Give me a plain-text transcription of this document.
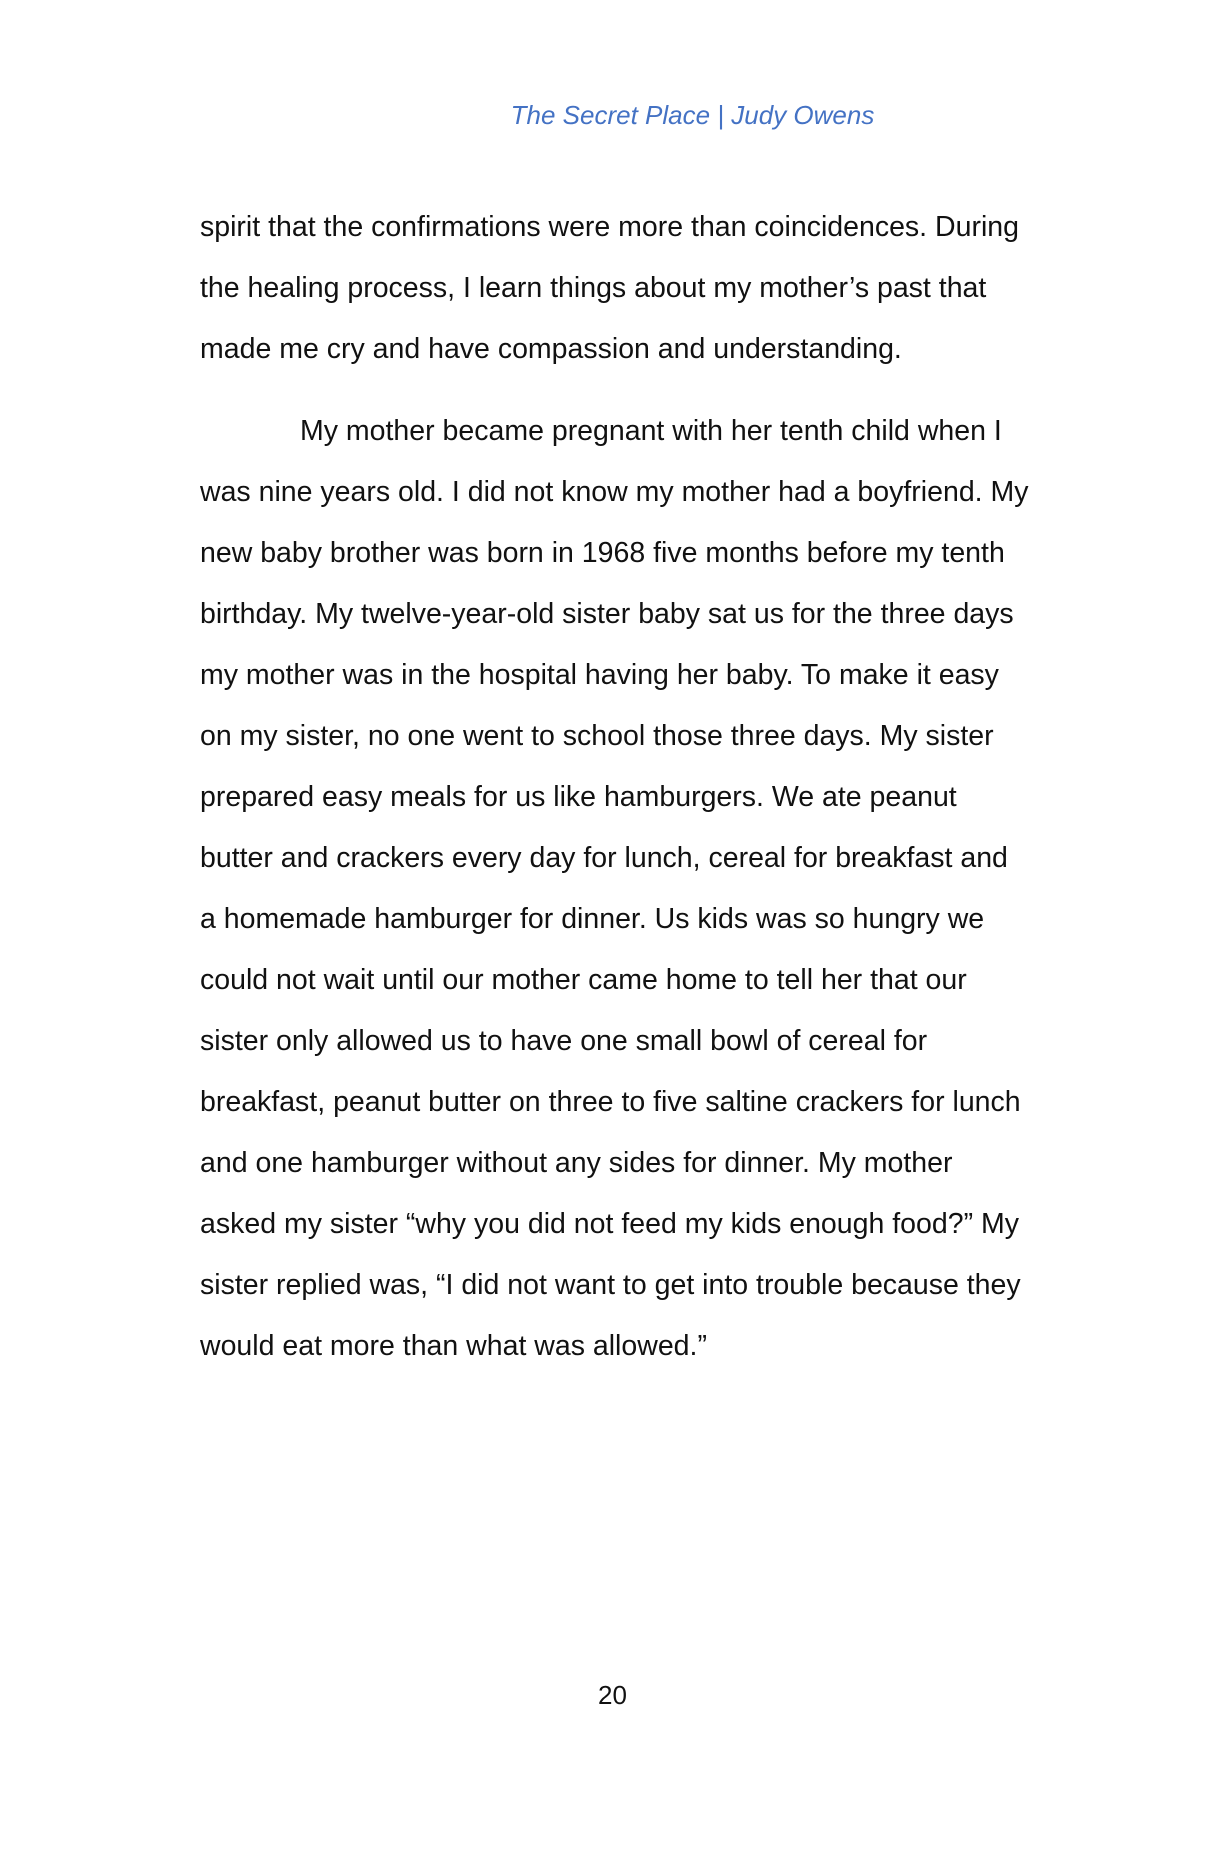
The Secret Place | Judy Owens

spirit that the confirmations were more than coincidences. During the healing process, I learn things about my mother’s past that made me cry and have compassion and understanding.

My mother became pregnant with her tenth child when I was nine years old. I did not know my mother had a boyfriend. My new baby brother was born in 1968 five months before my tenth birthday. My twelve-year-old sister baby sat us for the three days my mother was in the hospital having her baby. To make it easy on my sister, no one went to school those three days. My sister prepared easy meals for us like hamburgers. We ate peanut butter and crackers every day for lunch, cereal for breakfast and a homemade hamburger for dinner. Us kids was so hungry we could not wait until our mother came home to tell her that our sister only allowed us to have one small bowl of cereal for breakfast, peanut butter on three to five saltine crackers for lunch and one hamburger without any sides for dinner. My mother asked my sister “why you did not feed my kids enough food?” My sister replied was, “I did not want to get into trouble because they would eat more than what was allowed.”

20
